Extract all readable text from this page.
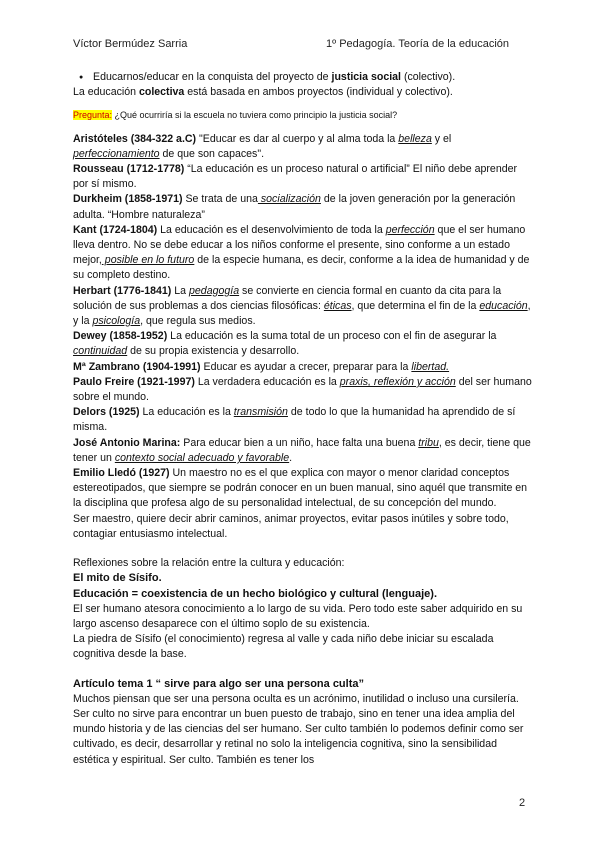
Víctor Bermúdez Sarria	1º Pedagogía. Teoría de la educación

● Educarnos/educar en la conquista del proyecto de justicia social (colectivo).

La educación colectiva está basada en ambos proyectos (individual y colectivo).

Pregunta: ¿Qué ocurriría si la escuela no tuviera como principio la justicia social?

Aristóteles (384-322 a.C) "Educar es dar al cuerpo y al alma toda la belleza y el perfeccionamiento de que son capaces".

Rousseau (1712-1778) “La educación es un proceso natural o artificial” El niño debe aprender por sí mismo.

Durkheim (1858-1971) Se trata de una socialización de la joven generación por la generación adulta. “Hombre naturaleza”

Kant (1724-1804) La educación es el desenvolvimiento de toda la perfección que el ser humano lleva dentro. No se debe educar a los niños conforme el presente, sino conforme a un estado mejor, posible en lo futuro de la especie humana, es decir, conforme a la idea de humanidad y de su completo destino.

Herbart (1776-1841) La pedagogía se convierte en ciencia formal en cuanto da cita para la solución de sus problemas a dos ciencias filosóficas: éticas, que determina el fin de la educación, y la psicología, que regula sus medios.

Dewey (1858-1952) La educación es la suma total de un proceso con el fin de asegurar la continuidad de su propia existencia y desarrollo.

Mª Zambrano (1904-1991) Educar es ayudar a crecer, preparar para la libertad.

Paulo Freire (1921-1997) La verdadera educación es la praxis, reflexión y acción del ser humano sobre el mundo.

Delors (1925) La educación es la transmisión de todo lo que la humanidad ha aprendido de sí misma.

José Antonio Marina: Para educar bien a un niño, hace falta una buena tribu, es decir, tiene que tener un contexto social adecuado y favorable.

Emilio Lledó (1927) Un maestro no es el que explica con mayor o menor claridad conceptos estereotipados, que siempre se podrán conocer en un buen manual, sino aquél que transmite en la disciplina que profesa algo de su personalidad intelectual, de su concepción del mundo.

Ser maestro, quiere decir abrir caminos, animar proyectos, evitar pasos inútiles y sobre todo, contagiar entusiasmo intelectual.

Reflexiones sobre la relación entre la cultura y educación:

El mito de Sísifo.

Educación = coexistencia de un hecho biológico y cultural (lenguaje).

El ser humano atesora conocimiento a lo largo de su vida. Pero todo este saber adquirido en su largo ascenso desaparece con el último soplo de su existencia.

La piedra de Sísifo (el conocimiento) regresa al valle y cada niño debe iniciar su escalada cognitiva desde la base.

Artículo tema 1 “ sirve para algo ser una persona culta”

Muchos piensan que ser una persona oculta es un acrónimo, inutilidad o incluso una cursilería. Ser culto no sirve para encontrar un buen puesto de trabajo, sino en tener una idea amplia del mundo historia y de las ciencias del ser humano. Ser culto también lo podemos definir como ser cultivado, es decir, desarrollar y retinal no solo la inteligencia cognitiva, sino la sensibilidad estética y espiritual. Ser culto. También es tener los

2
